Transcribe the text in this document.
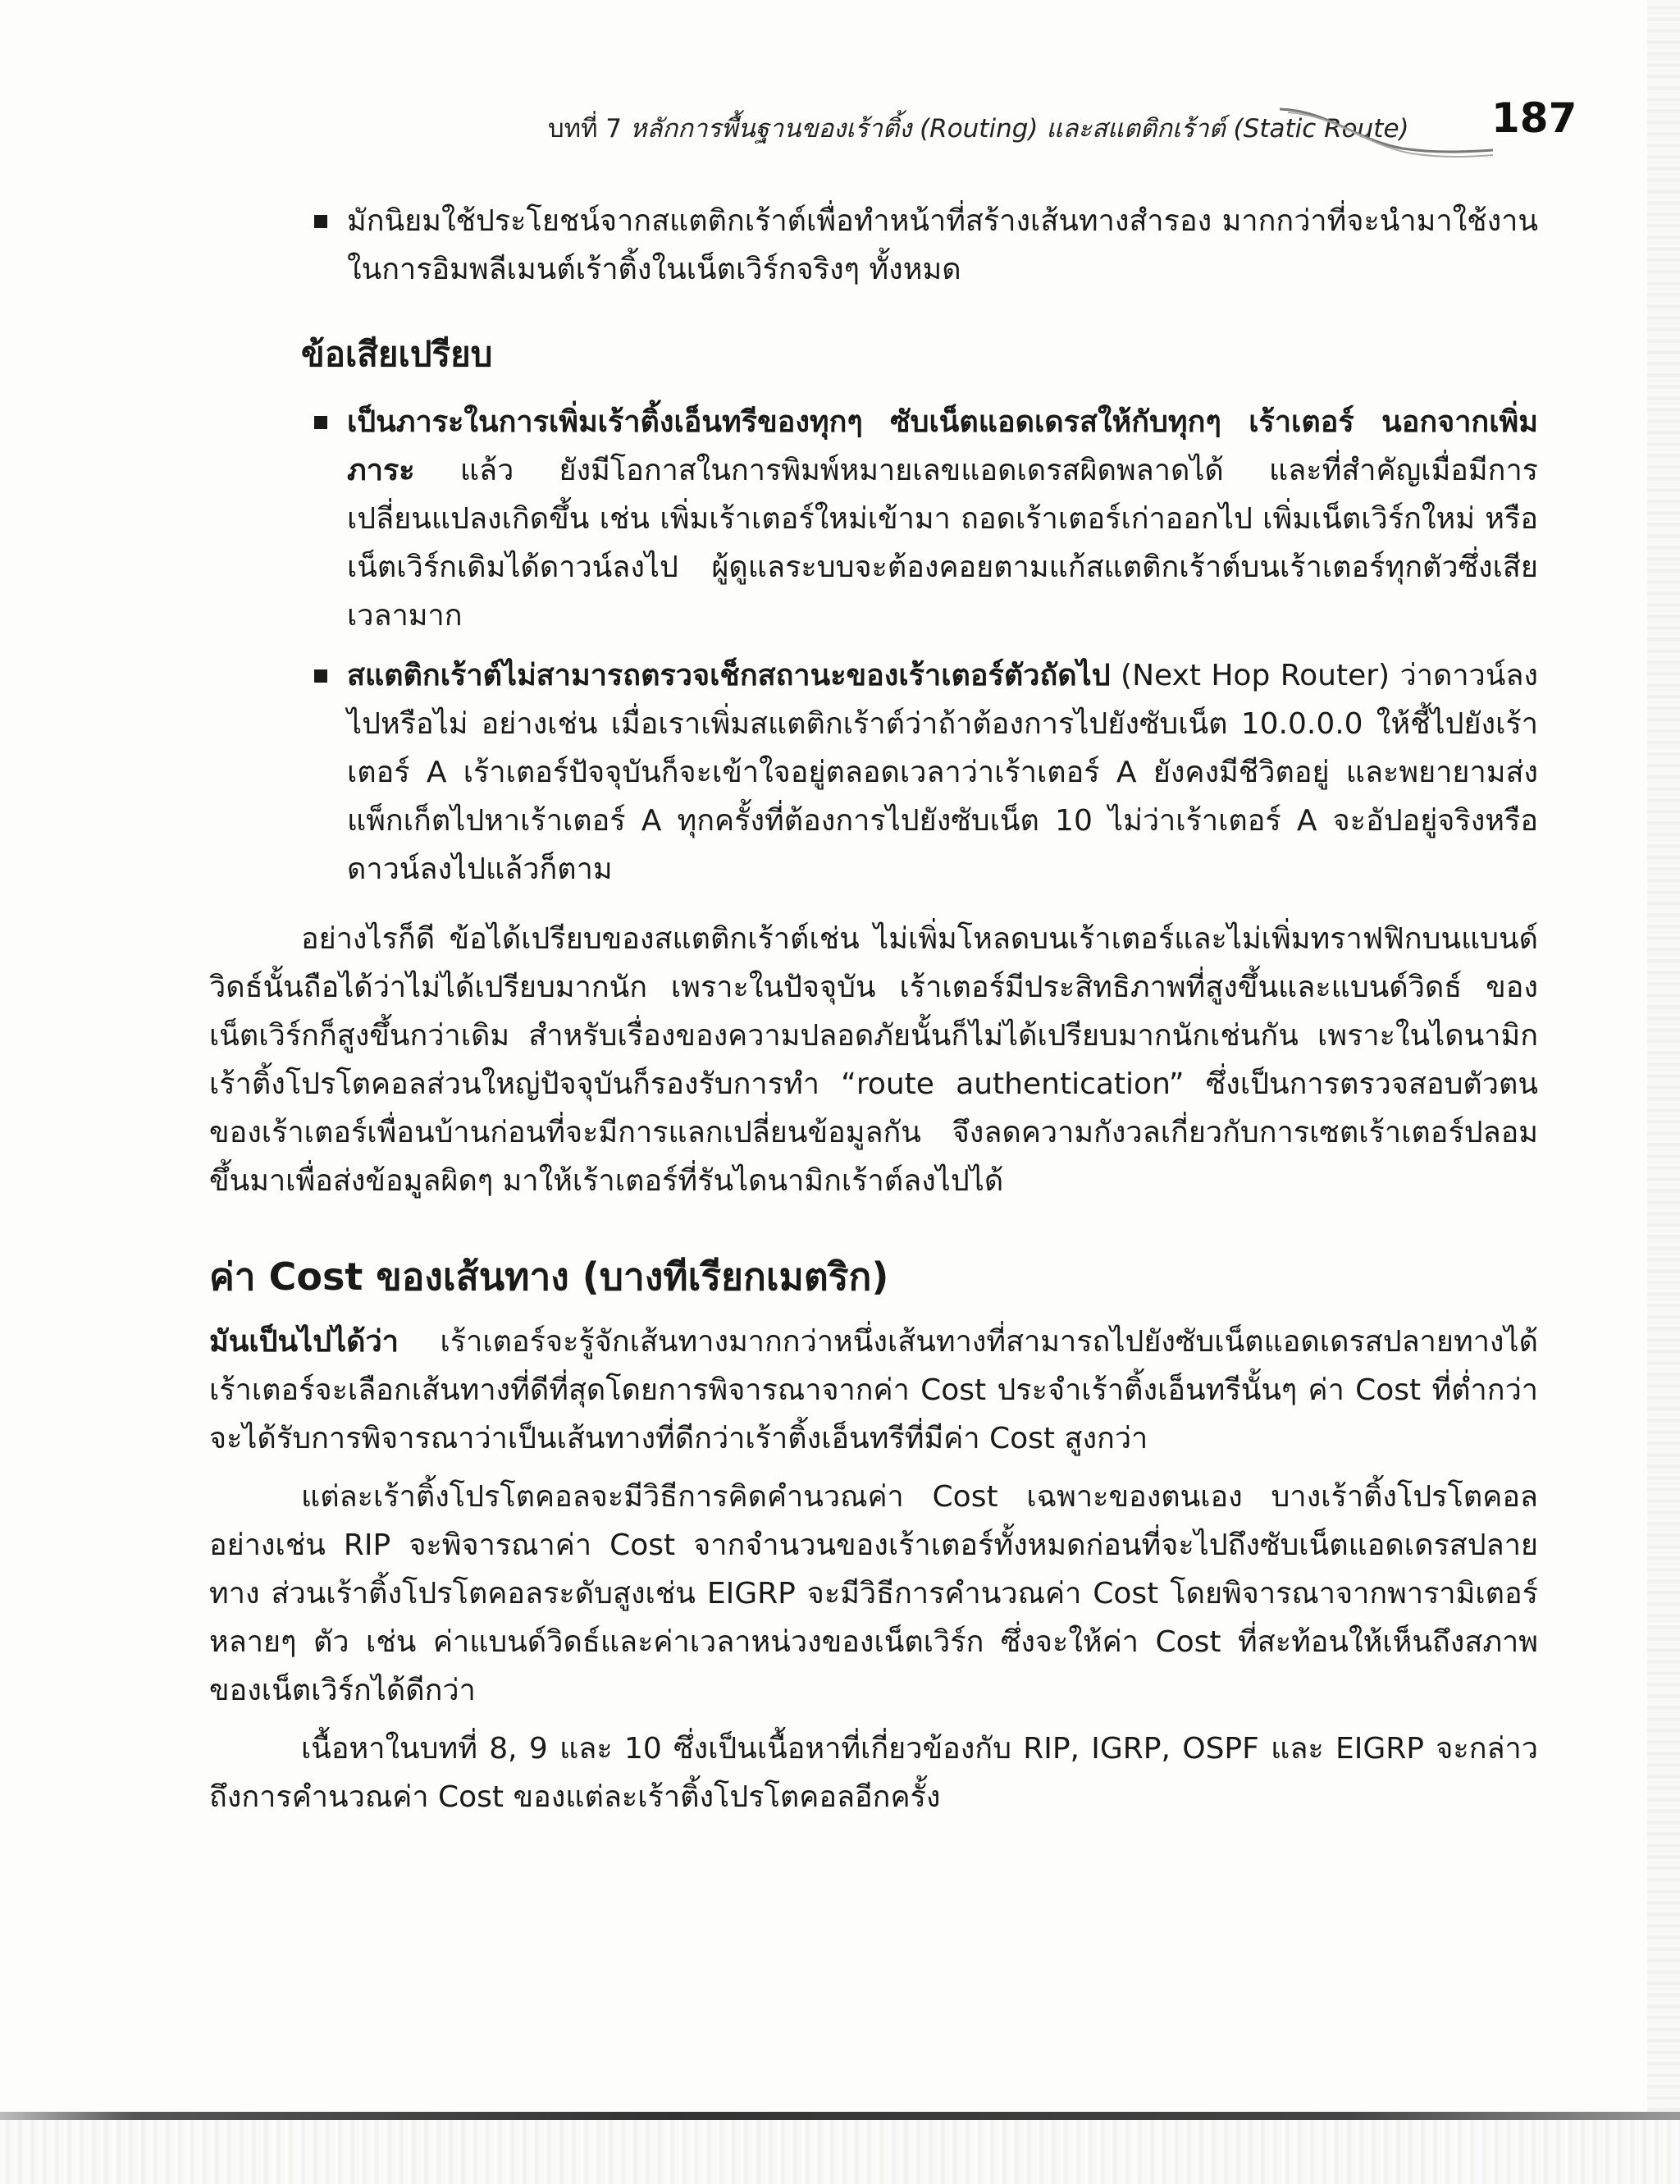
บทที่ 7 หลักการพื้นฐานของเร้าติ้ง (Routing) และสแตติกเร้าต์ (Static Route) 187
มักนิยมใช้ประโยชน์จากสแตติกเร้าต์เพื่อทำหน้าที่สร้างเส้นทางสำรอง มากกว่าที่จะนำมาใช้งานในการอิมพลีเมนต์เร้าติ้งในเน็ตเวิร์กจริงๆ ทั้งหมด
ข้อเสียเปรียบ
เป็นภาระในการเพิ่มเร้าติ้งเอ็นทรีของทุกๆ ซับเน็ตแอดเดรสให้กับทุกๆ เร้าเตอร์ นอกจากเพิ่มภาระ แล้ว ยังมีโอกาสในการพิมพ์หมายเลขแอดเดรสผิดพลาดได้ และที่สำคัญเมื่อมีการเปลี่ยนแปลงเกิดขึ้น เช่น เพิ่มเร้าเตอร์ใหม่เข้ามา ถอดเร้าเตอร์เก่าออกไป เพิ่มเน็ตเวิร์กใหม่ หรือเน็ตเวิร์กเดิมได้ดาวน์ลงไป ผู้ดูแลระบบจะต้องคอยตามแก้สแตติกเร้าต์บนเร้าเตอร์ทุกตัวซึ่งเสียเวลามาก
สแตติกเร้าต์ไม่สามารถตรวจเช็กสถานะของเร้าเตอร์ตัวถัดไป (Next Hop Router) ว่าดาวน์ลงไปหรือไม่ อย่างเช่น เมื่อเราเพิ่มสแตติกเร้าต์ว่าถ้าต้องการไปยังซับเน็ต 10.0.0.0 ให้ชี้ไปยังเร้าเตอร์ A เร้าเตอร์ปัจจุบันก็จะเข้าใจอยู่ตลอดเวลาว่าเร้าเตอร์ A ยังคงมีชีวิตอยู่ และพยายามส่งแพ็กเก็ตไปหาเร้าเตอร์ A ทุกครั้งที่ต้องการไปยังซับเน็ต 10 ไม่ว่าเร้าเตอร์ A จะอัปอยู่จริงหรือดาวน์ลงไปแล้วก็ตาม
อย่างไรก็ดี ข้อได้เปรียบของสแตติกเร้าต์เช่น ไม่เพิ่มโหลดบนเร้าเตอร์และไม่เพิ่มทราฟฟิกบนแบนด์วิดธ์นั้นถือได้ว่าไม่ได้เปรียบมากนัก เพราะในปัจจุบัน เร้าเตอร์มีประสิทธิภาพที่สูงขึ้นและแบนด์วิดธ์ ของเน็ตเวิร์กก็สูงขึ้นกว่าเดิม สำหรับเรื่องของความปลอดภัยนั้นก็ไม่ได้เปรียบมากนักเช่นกัน เพราะในไดนามิกเร้าติ้งโปรโตคอลส่วนใหญ่ปัจจุบันก็รองรับการทำ “route authentication” ซึ่งเป็นการตรวจสอบตัวตนของเร้าเตอร์เพื่อนบ้านก่อนที่จะมีการแลกเปลี่ยนข้อมูลกัน จึงลดความกังวลเกี่ยวกับการเซตเร้าเตอร์ปลอมขึ้นมาเพื่อส่งข้อมูลผิดๆ มาให้เร้าเตอร์ที่รันไดนามิกเร้าต์ลงไปได้
ค่า Cost ของเส้นทาง (บางทีเรียกเมตริก)
มันเป็นไปได้ว่า เร้าเตอร์จะรู้จักเส้นทางมากกว่าหนึ่งเส้นทางที่สามารถไปยังซับเน็ตแอดเดรสปลายทางได้ เร้าเตอร์จะเลือกเส้นทางที่ดีที่สุดโดยการพิจารณาจากค่า Cost ประจำเร้าติ้งเอ็นทรีนั้นๆ ค่า Cost ที่ต่ำกว่าจะได้รับการพิจารณาว่าเป็นเส้นทางที่ดีกว่าเร้าติ้งเอ็นทรีที่มีค่า Cost สูงกว่า
แต่ละเร้าติ้งโปรโตคอลจะมีวิธีการคิดคำนวณค่า Cost เฉพาะของตนเอง บางเร้าติ้งโปรโตคอลอย่างเช่น RIP จะพิจารณาค่า Cost จากจำนวนของเร้าเตอร์ทั้งหมดก่อนที่จะไปถึงซับเน็ตแอดเดรสปลายทาง ส่วนเร้าติ้งโปรโตคอลระดับสูงเช่น EIGRP จะมีวิธีการคำนวณค่า Cost โดยพิจารณาจากพารามิเตอร์หลายๆ ตัว เช่น ค่าแบนด์วิดธ์และค่าเวลาหน่วงของเน็ตเวิร์ก ซึ่งจะให้ค่า Cost ที่สะท้อนให้เห็นถึงสภาพของเน็ตเวิร์กได้ดีกว่า
เนื้อหาในบทที่ 8, 9 และ 10 ซึ่งเป็นเนื้อหาที่เกี่ยวข้องกับ RIP, IGRP, OSPF และ EIGRP จะกล่าวถึงการคำนวณค่า Cost ของแต่ละเร้าติ้งโปรโตคอลอีกครั้ง
